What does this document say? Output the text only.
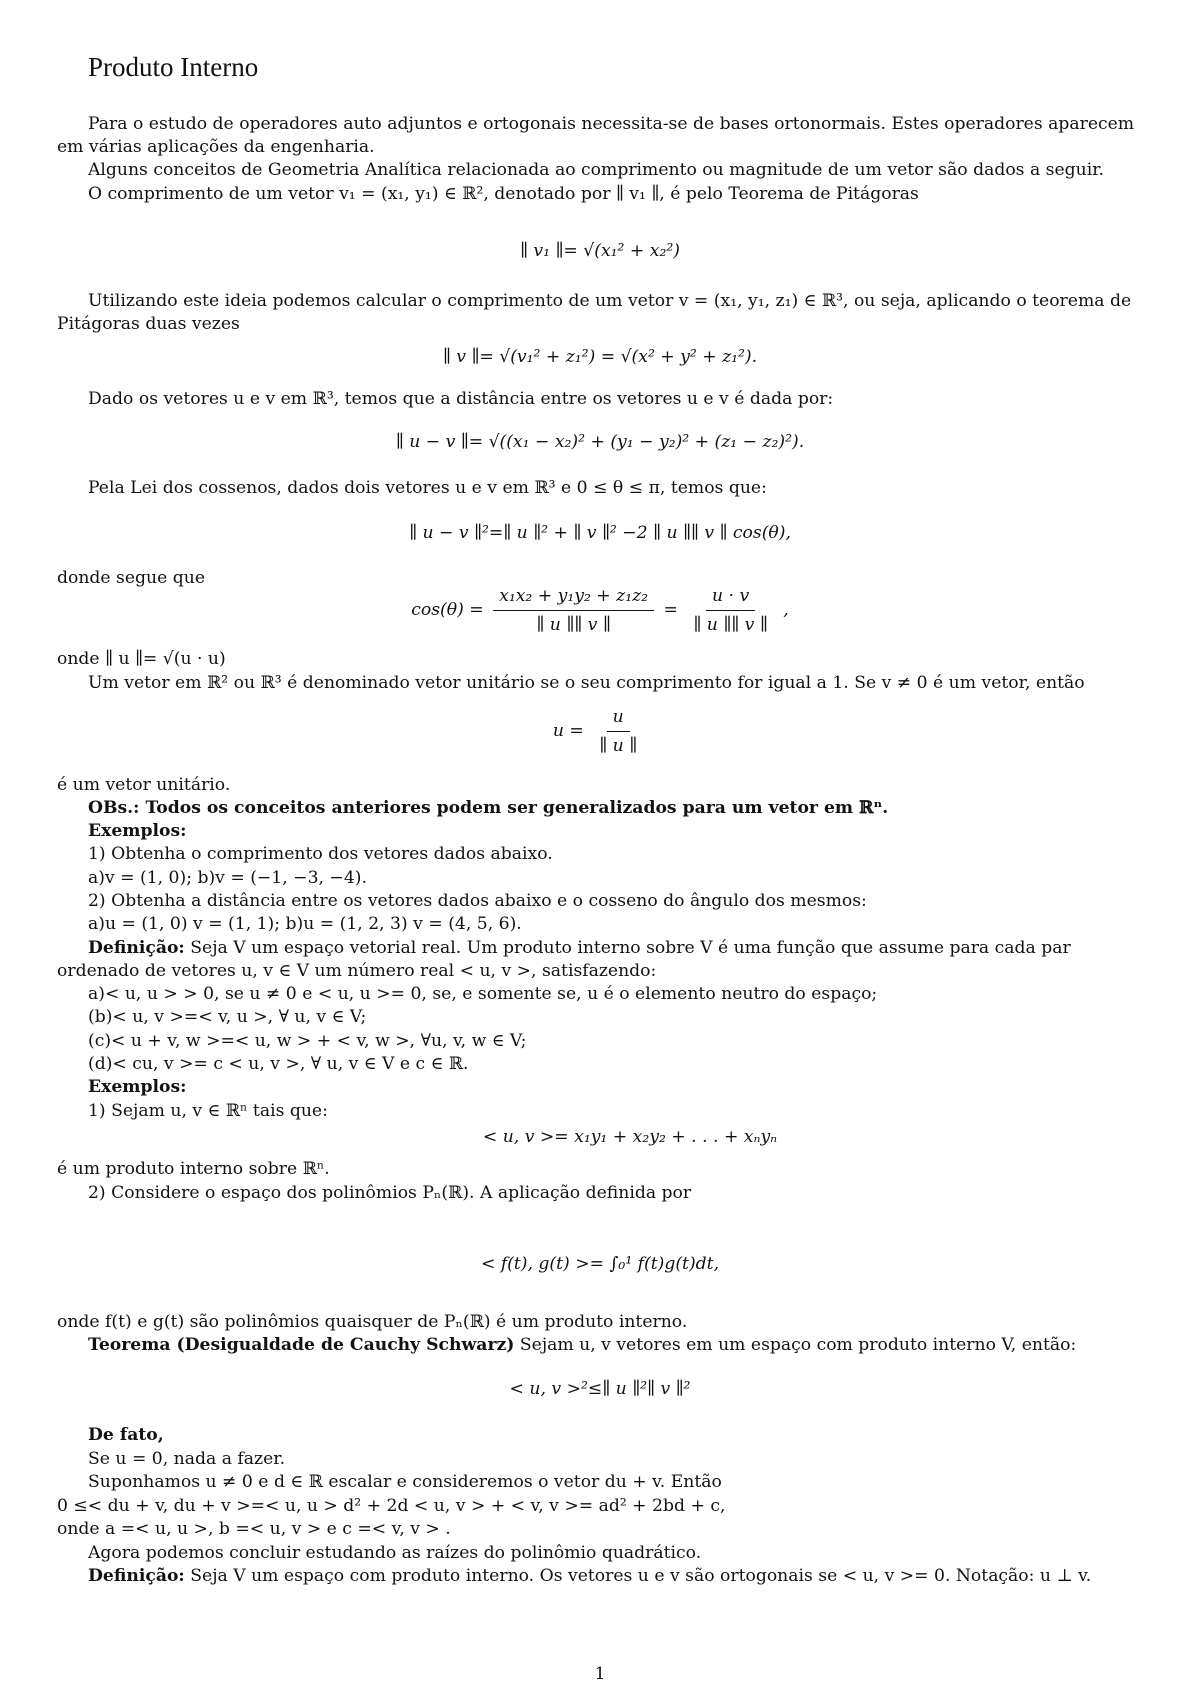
Produto Interno
Para o estudo de operadores auto adjuntos e ortogonais necessita-se de bases ortonormais. Estes operadores aparecem
em várias aplicações da engenharia.
Alguns conceitos de Geometria Analítica relacionada ao comprimento ou magnitude de um vetor são dados a seguir.
O comprimento de um vetor v₁ = (x₁, y₁) ∈ ℝ², denotado por ∥ v₁ ∥, é pelo Teorema de Pitágoras
∥ v₁ ∥= √(x₁² + x₂²)
Utilizando este ideia podemos calcular o comprimento de um vetor v = (x₁, y₁, z₁) ∈ ℝ³, ou seja, aplicando o teorema de
Pitágoras duas vezes
∥ v ∥= √(v₁² + z₁²) = √(x² + y² + z₁²).
Dado os vetores u e v em ℝ³, temos que a distância entre os vetores u e v é dada por:
∥ u − v ∥= √((x₁ − x₂)² + (y₁ − y₂)² + (z₁ − z₂)²).
Pela Lei dos cossenos, dados dois vetores u e v em ℝ³ e 0 ≤ θ ≤ π, temos que:
∥ u − v ∥²=∥ u ∥² + ∥ v ∥² −2 ∥ u ∥∥ v ∥ cos(θ),
donde segue que
$\cos(\theta) = \frac{\text{x₁x₂ + y₁y₂ + z₁z₂}}{\parallel u \parallel\parallel v \parallel} = \frac{u \cdot v}{\parallel u \parallel\parallel v \parallel}$ ,
onde ∥ u ∥= √(u · u)
Um vetor em ℝ² ou ℝ³ é denominado vetor unitário se o seu comprimento for igual a 1. Se v ≠ 0 é um vetor, então
$u = \frac{u}{\parallel u \parallel}$
é um vetor unitário.
OBs.: Todos os conceitos anteriores podem ser generalizados para um vetor em ℝⁿ.
Exemplos:
1) Obtenha o comprimento dos vetores dados abaixo.
a)v = (1, 0); b)v = (−1, −3, −4).
2) Obtenha a distância entre os vetores dados abaixo e o cosseno do ângulo dos mesmos:
a)u = (1, 0) v = (1, 1); b)u = (1, 2, 3) v = (4, 5, 6).
Definição: Seja V um espaço vetorial real. Um produto interno sobre V é uma função que assume para cada par
ordenado de vetores u, v ∈ V um número real < u, v >, satisfazendo:
a)< u, u > > 0, se u ≠ 0 e < u, u >= 0, se, e somente se, u é o elemento neutro do espaço;
(b)< u, v >=< v, u >, ∀ u, v ∈ V;
(c)< u + v, w >=< u, w > + < v, w >, ∀u, v, w ∈ V;
(d)< cu, v >= c < u, v >, ∀ u, v ∈ V e c ∈ ℝ.
Exemplos:
1) Sejam u, v ∈ ℝⁿ tais que:
< u, v >= x₁y₁ + x₂y₂ + . . . + xₙyₙ
é um produto interno sobre ℝⁿ.
2) Considere o espaço dos polinômios Pₙ(ℝ). A aplicação definida por
< f(t), g(t) >= ∫₀¹ f(t)g(t)dt,
onde f(t) e g(t) são polinômios quaisquer de Pₙ(ℝ) é um produto interno.
Teorema (Desigualdade de Cauchy Schwarz) Sejam u, v vetores em um espaço com produto interno V, então:
< u, v >²≤∥ u ∥²∥ v ∥²
De fato,
Se u = 0, nada a fazer.
Suponhamos u ≠ 0 e d ∈ ℝ escalar e consideremos o vetor du + v. Então
0 ≤< du + v, du + v >=< u, u > d² + 2d < u, v > + < v, v >= ad² + 2bd + c,
onde a =< u, u >, b =< u, v > e c =< v, v > .
Agora podemos concluir estudando as raízes do polinômio quadrático.
Definição: Seja V um espaço com produto interno. Os vetores u e v são ortogonais se < u, v >= 0. Notação: u ⊥ v.
1
